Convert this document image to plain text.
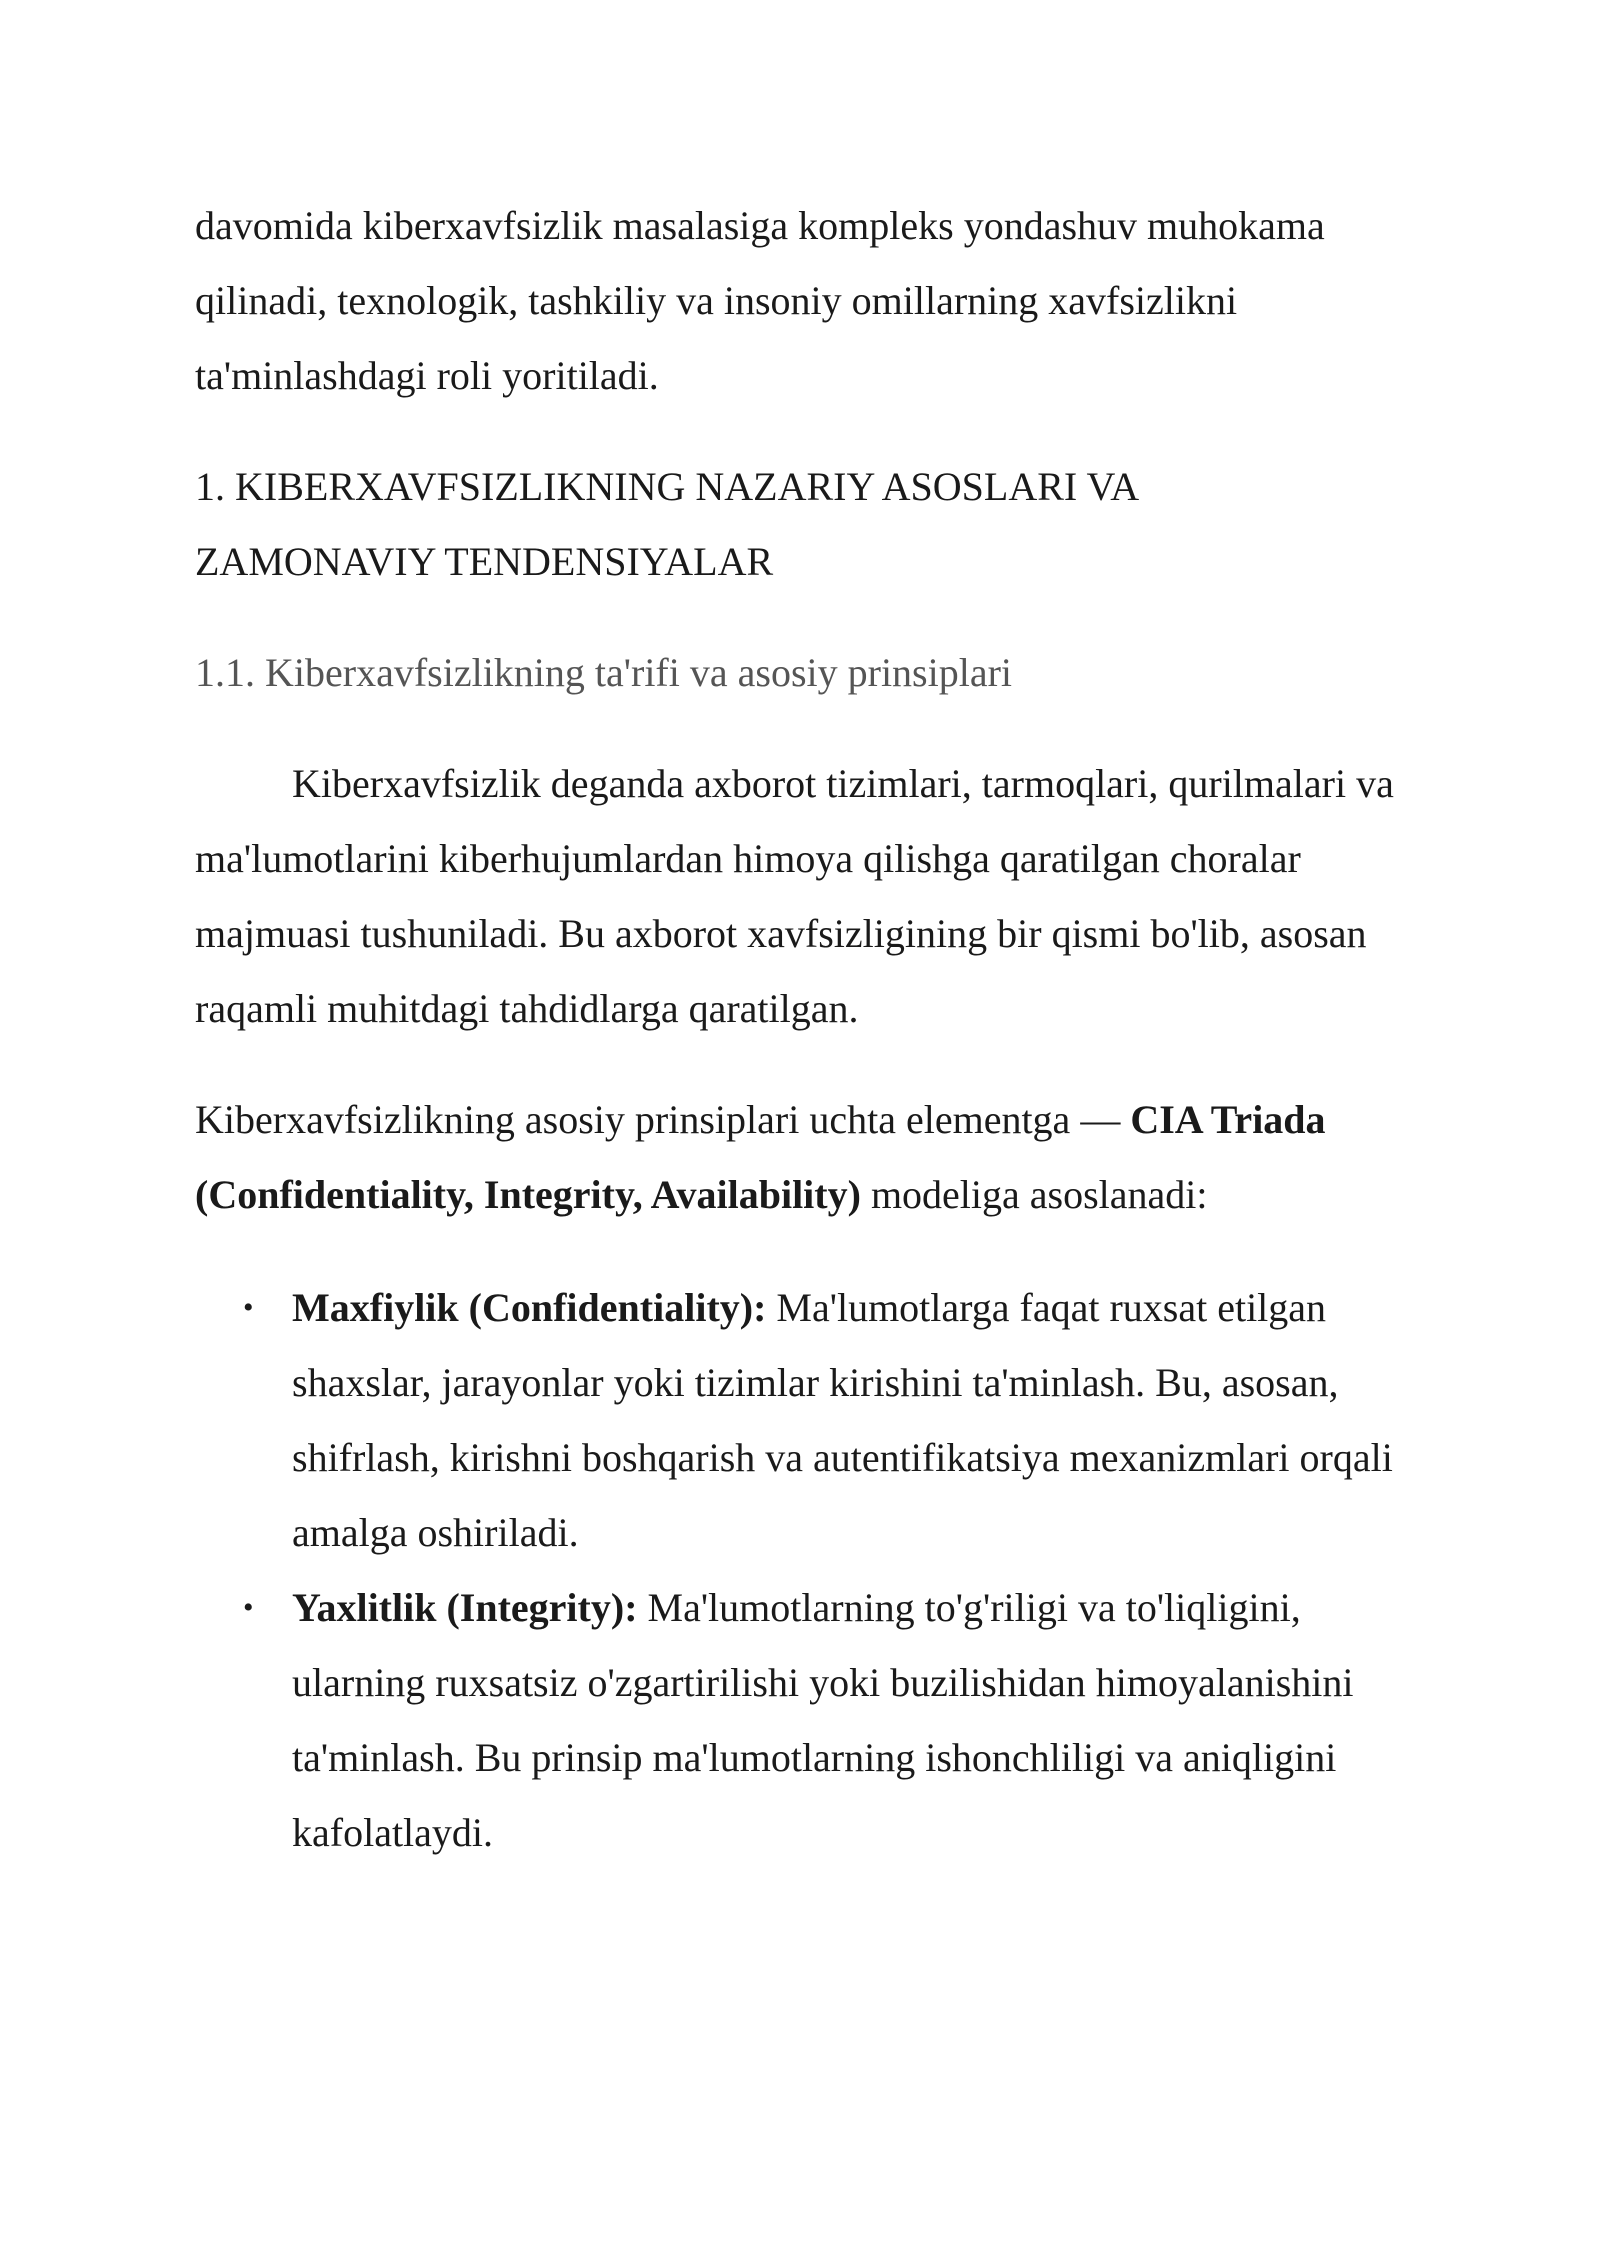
davomida kiberxavfsizlik masalasiga kompleks yondashuv muhokama qilinadi, texnologik, tashkiliy va insoniy omillarning xavfsizlikni ta'minlashdagi roli yoritiladi.

1. KIBERXAVFSIZLIKNING NAZARIY ASOSLARI VA
ZAMONAVIY TENDENSIYALAR
1.1. Kiberxavfsizlikning ta'rifi va asosiy prinsiplari

Kiberxavfsizlik deganda axborot tizimlari, tarmoqlari, qurilmalari va ma'lumotlarini kiberhujumlardan himoya qilishga qaratilgan choralar majmuasi tushuniladi. Bu axborot xavfsizligining bir qismi bo'lib, asosan raqamli muhitdagi tahdidlarga qaratilgan.

Kiberxavfsizlikning asosiy prinsiplari uchta elementga — CIA Triada (Confidentiality, Integrity, Availability) modeliga asoslanadi:

• Maxfiylik (Confidentiality): Ma'lumotlarga faqat ruxsat etilgan shaxslar, jarayonlar yoki tizimlar kirishini ta'minlash. Bu, asosan, shifrlash, kirishni boshqarish va autentifikatsiya mexanizmlari orqali amalga oshiriladi.
• Yaxlitlik (Integrity): Ma'lumotlarning to'g'riligi va to'liqligini, ularning ruxsatsiz o'zgartirilishi yoki buzilishidan himoyalanishini ta'minlash. Bu prinsip ma'lumotlarning ishonchliligi va aniqligini kafolatlaydi.
